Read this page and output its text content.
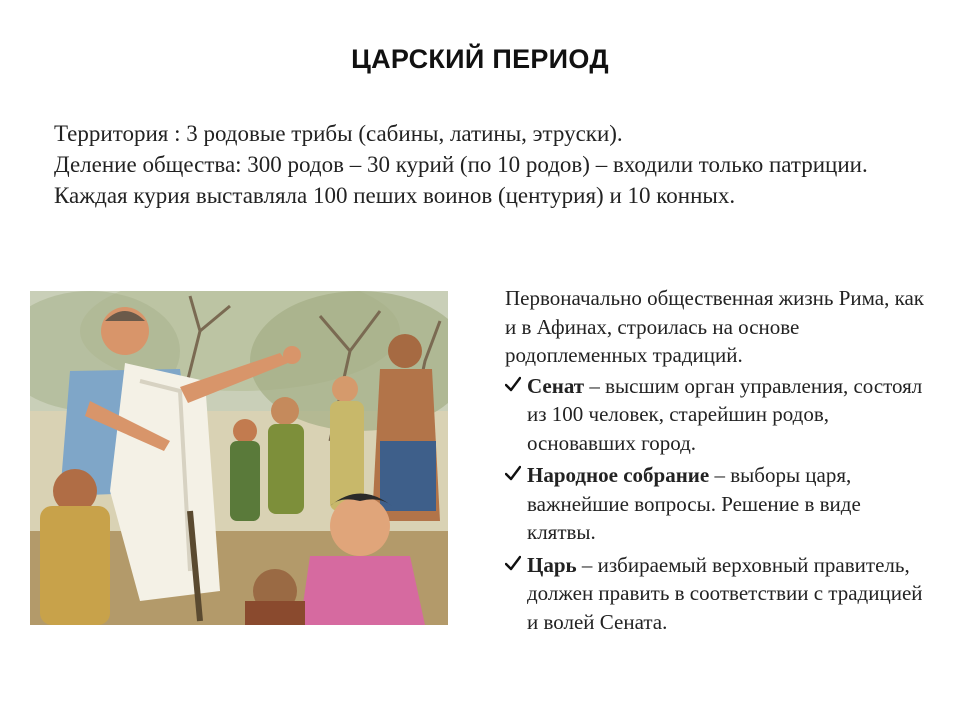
ЦАРСКИЙ ПЕРИОД

Территория : 3 родовые трибы (сабины, латины, этруски).

Деление общества: 300 родов – 30 курий (по 10 родов) – входили только патриции. Каждая курия выставляла 100 пеших воинов (центурия) и 10 конных.

Первоначально общественная жизнь Рима, как и в Афинах, строилась на основе родоплеменных традиций.

Сенат – высшим орган управления, состоял из 100 человек, старейшин родов, основавших город.
Народное собрание – выборы царя, важнейшие вопросы. Решение в виде клятвы.
Царь – избираемый верховный правитель, должен править в соответствии с традицией и волей Сената.
